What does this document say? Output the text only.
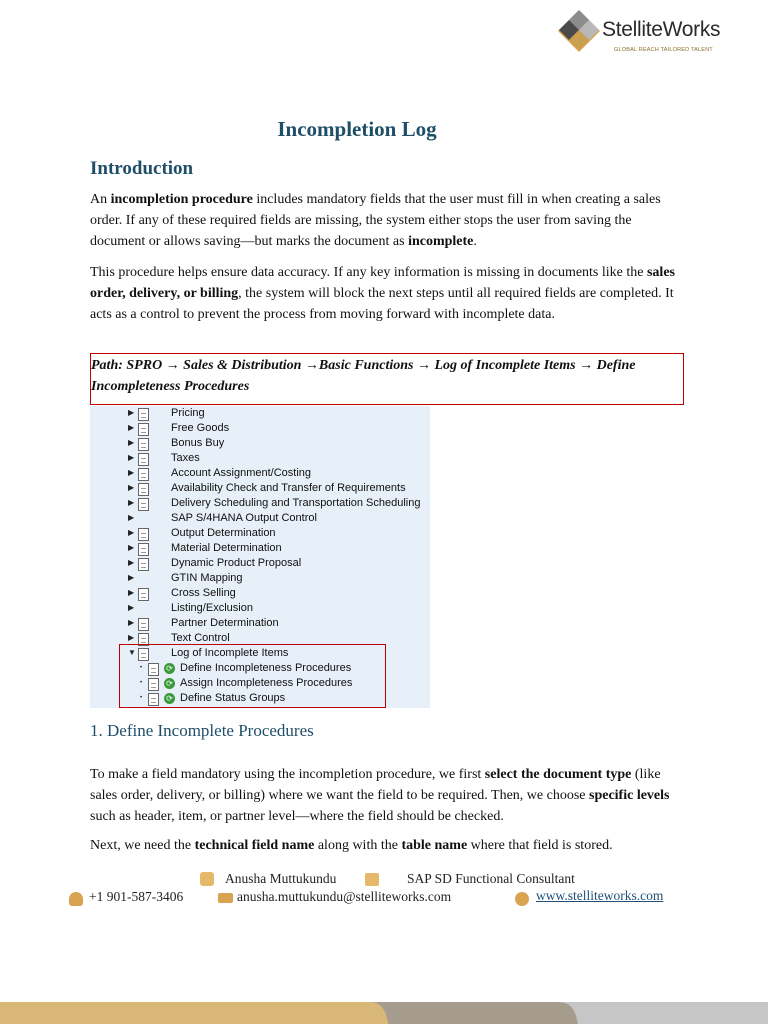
StelliteWorks
GLOBAL REACH TAILORED TALENT
Incompletion Log
Introduction
An incompletion procedure includes mandatory fields that the user must fill in when creating a sales order. If any of these required fields are missing, the system either stops the user from saving the document or allows saving—but marks the document as incomplete.
This procedure helps ensure data accuracy. If any key information is missing in documents like the sales order, delivery, or billing, the system will block the next steps until all required fields are completed. It acts as a control to prevent the process from moving forward with incomplete data.
Path: SPRO → Sales & Distribution →Basic Functions → Log of Incomplete Items → Define
Incompleteness Procedures
▶	Pricing
▶	Free Goods
▶	Bonus Buy
▶	Taxes
▶	Account Assignment/Costing
▶	Availability Check and Transfer of Requirements
▶	Delivery Scheduling and Transportation Scheduling
▶	SAP S/4HANA Output Control
▶	Output Determination
▶	Material Determination
▶	Dynamic Product Proposal
▶	GTIN Mapping
▶	Cross Selling
▶	Listing/Exclusion
▶	Partner Determination
▶	Text Control
▼	Log of Incomplete Items
•	⟳ Define Incompleteness Procedures
•	⟳ Assign Incompleteness Procedures
•	⟳ Define Status Groups
1. Define Incomplete Procedures
To make a field mandatory using the incompletion procedure, we first select the document type (like sales order, delivery, or billing) where we want the field to be required. Then, we choose specific levels such as header, item, or partner level—where the field should be checked.
Next, we need the technical field name along with the table name where that field is stored.
Anusha Muttukundu	SAP SD Functional Consultant
+1 901-587-3406	anusha.muttukundu@stelliteworks.com	www.stelliteworks.com
